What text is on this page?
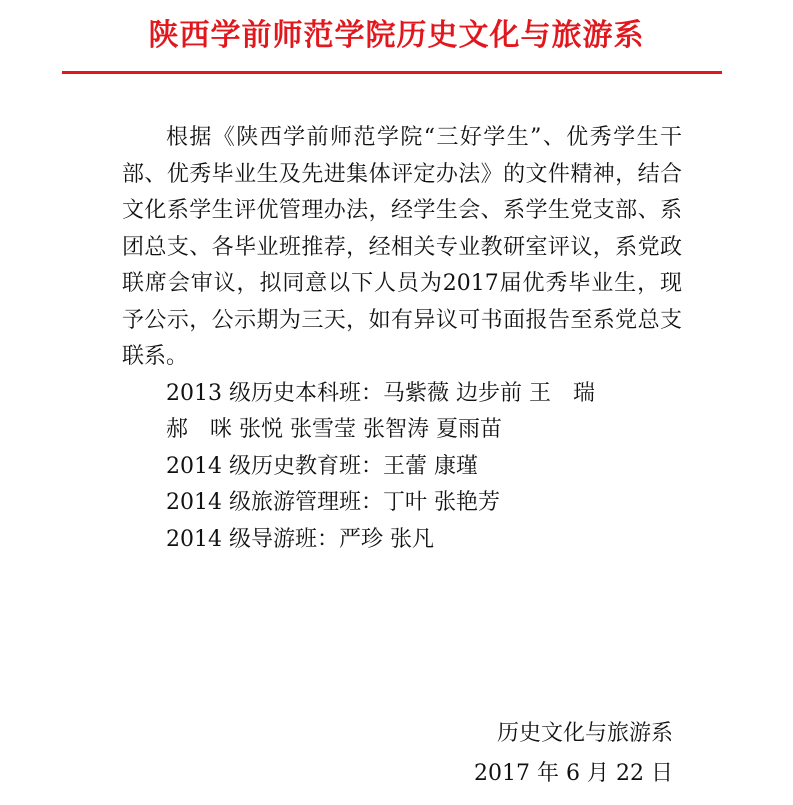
陕西学前师范学院历史文化与旅游系

根据《陕西学前师范学院“三好学生”、优秀学生干部、优秀毕业生及先进集体评定办法》的文件精神，结合文化系学生评优管理办法，经学生会、系学生党支部、系团总支、各毕业班推荐，经相关专业教研室评议，系党政联席会审议，拟同意以下人员为2017届优秀毕业生，现予公示，公示期为三天，如有异议可书面报告至系党总支联系。

2013 级历史本科班：马紫薇 边步前 王　瑞

郝　咪 张悦 张雪莹 张智涛 夏雨苗

2014 级历史教育班：王蕾 康瑾

2014 级旅游管理班：丁叶 张艳芳

2014 级导游班：严珍 张凡

历史文化与旅游系
2017 年 6 月 22 日
